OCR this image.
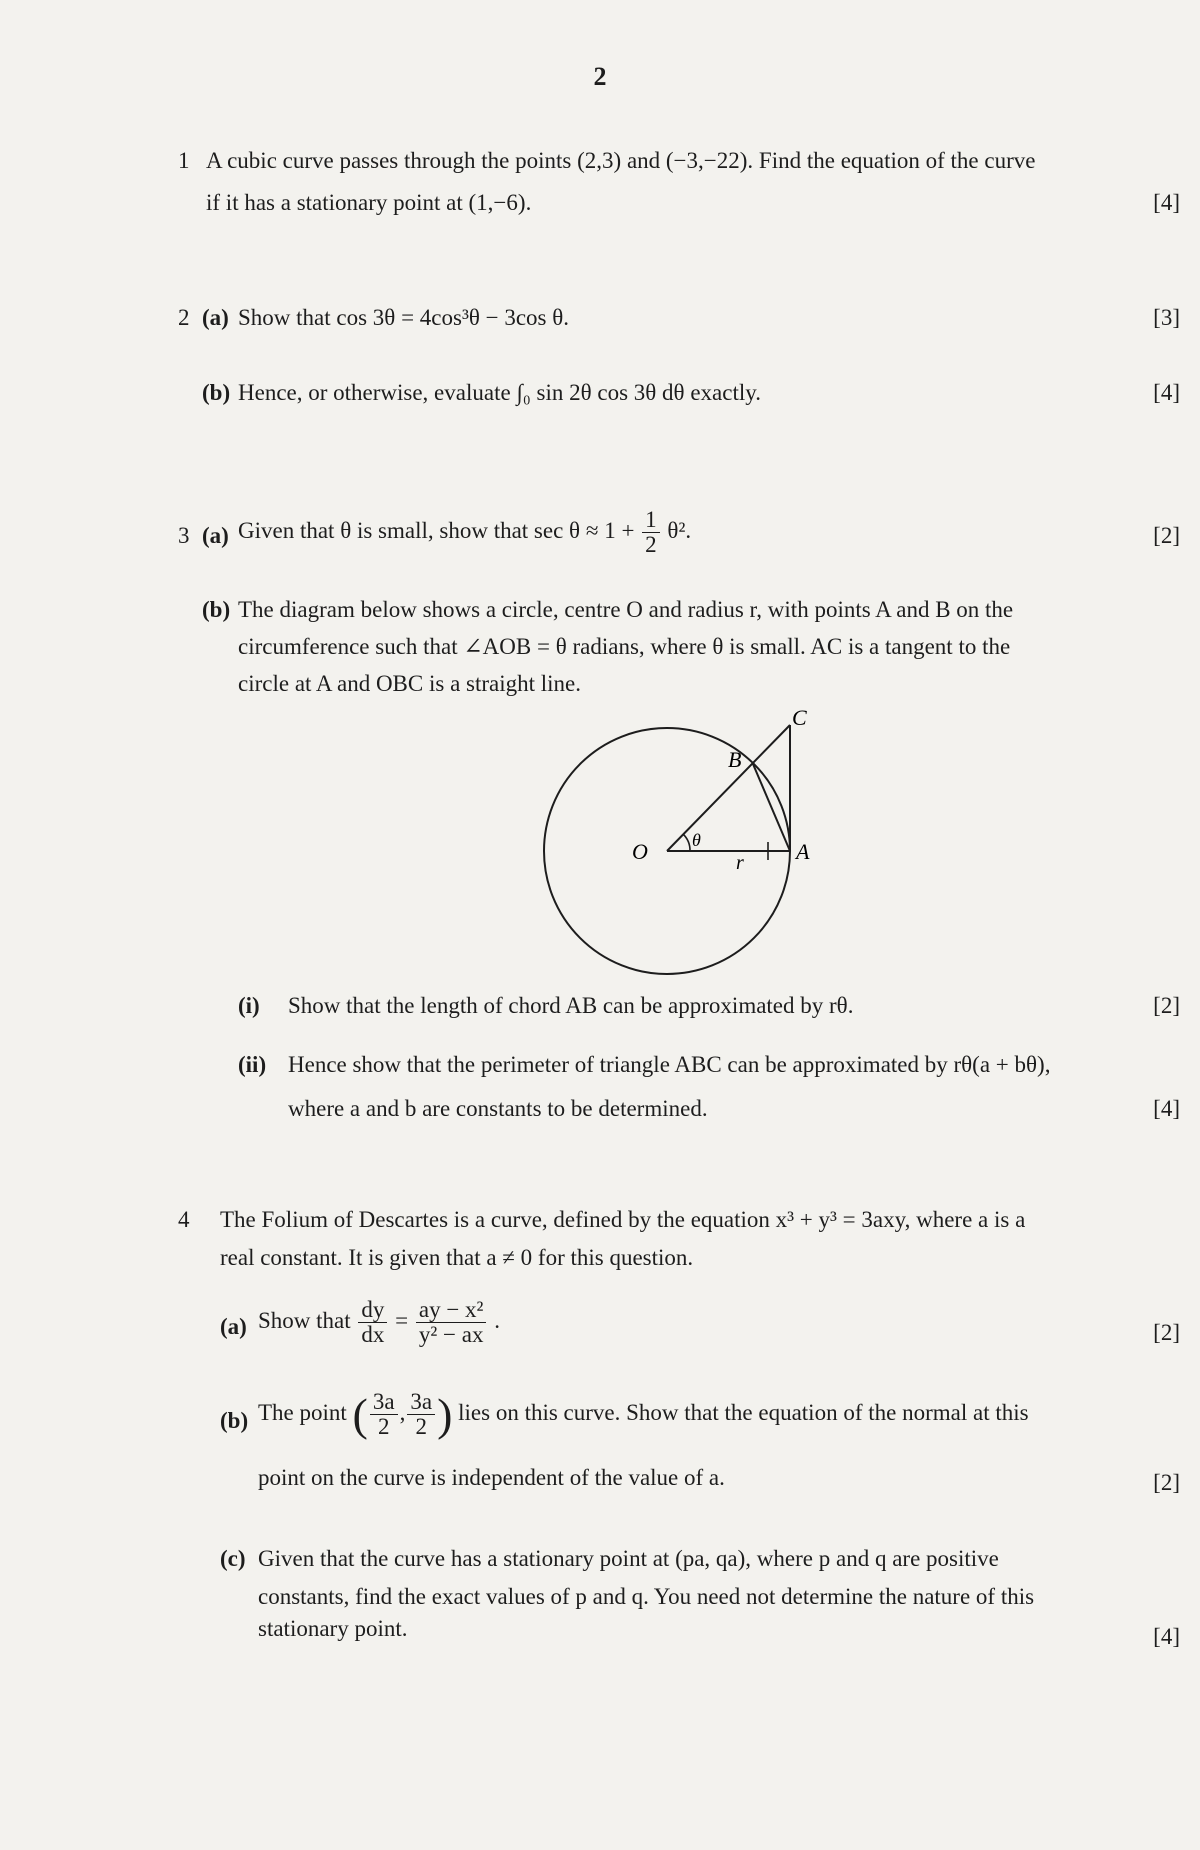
2
1 A cubic curve passes through the points (2,3) and (−3,−22). Find the equation of the curve
if it has a stationary point at (1,−6).	[4]
2 (a) Show that cos 3θ = 4cos³θ − 3cos θ.	[3]
(b) Hence, or otherwise, evaluate ∫₀ sin 2θ cos 3θ dθ exactly.	[4]
3 (a) Given that θ is small, show that $\sec \theta \approx 1 + \frac{1}{2} \theta^2$.	[2]
(b) The diagram below shows a circle, centre O and radius r, with points A and B on the
circumference such that ∠AOB = θ radians, where θ is small. AC is a tangent to the
circle at A and OBC is a straight line.
O	A
B
C
r
θ
(i) Show that the length of chord AB can be approximated by rθ.	[2]
(ii) Hence show that the perimeter of triangle ABC can be approximated by rθ(a + bθ),
where a and b are constants to be determined.	[4]
4 The Folium of Descartes is a curve, defined by the equation x³ + y³ = 3axy, where a is a
real constant. It is given that a ≠ 0 for this question.
(a) Show that $\frac{dy}{dx} = \frac{\text{ay − x²}}{\text{y² − ax}}$ .	[2]
(b) The point ( $\frac{3a}{2}$ , $\frac{3a}{2}$ ) lies on this curve. Show that the equation of the normal at this
point on the curve is independent of the value of a.	[2]
(c) Given that the curve has a stationary point at (pa, qa), where p and q are positive
constants, find the exact values of p and q. You need not determine the nature of this
stationary point.	[4]
